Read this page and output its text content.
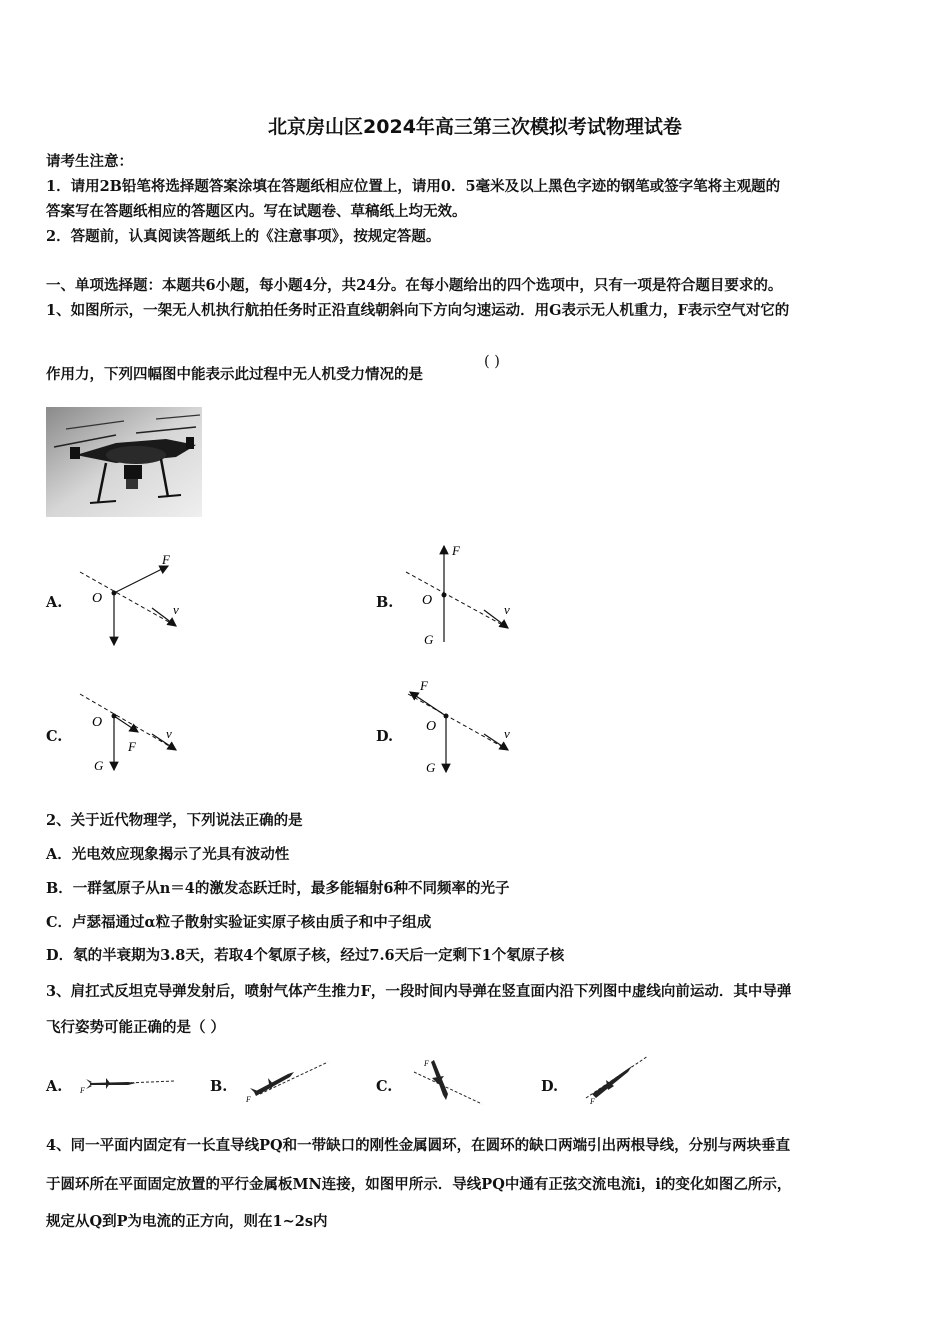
北京房山区2024年高三第三次模拟考试物理试卷
请考生注意：
1．请用2B铅笔将选择题答案涂填在答题纸相应位置上，请用0．5毫米及以上黑色字迹的钢笔或签字笔将主观题的
答案写在答题纸相应的答题区内。写在试题卷、草稿纸上均无效。
2．答题前，认真阅读答题纸上的《注意事项》，按规定答题。
一、单项选择题：本题共6小题，每小题4分，共24分。在每小题给出的四个选项中，只有一项是符合题目要求的。
1、如图所示，一架无人机执行航拍任务时正沿直线朝斜向下方向匀速运动．用G表示无人机重力，F表示空气对它的
作用力，下列四幅图中能表示此过程中无人机受力情况的是
( )
A. O
F
v	B. O
F
G
v
C.
O
F
G
v	D.
O
F
G
v
2、关于近代物理学，下列说法正确的是
A．光电效应现象揭示了光具有波动性
B．一群氢原子从n＝4的激发态跃迁时，最多能辐射6种不同频率的光子
C．卢瑟福通过α粒子散射实验证实原子核由质子和中子组成
D．氡的半衰期为3.8天，若取4个氡原子核，经过7.6天后一定剩下1个氡原子核
3、肩扛式反坦克导弹发射后，喷射气体产生推力F，一段时间内导弹在竖直面内沿下列图中虚线向前运动．其中导弹
飞行姿势可能正确的是（ ）
A. F	B.
F
C.
F
D.
F
4、同一平面内固定有一长直导线PQ和一带缺口的刚性金属圆环，在圆环的缺口两端引出两根导线，分别与两块垂直
于圆环所在平面固定放置的平行金属板MN连接，如图甲所示．导线PQ中通有正弦交流电流i，i的变化如图乙所示，
规定从Q到P为电流的正方向，则在1~2s内
